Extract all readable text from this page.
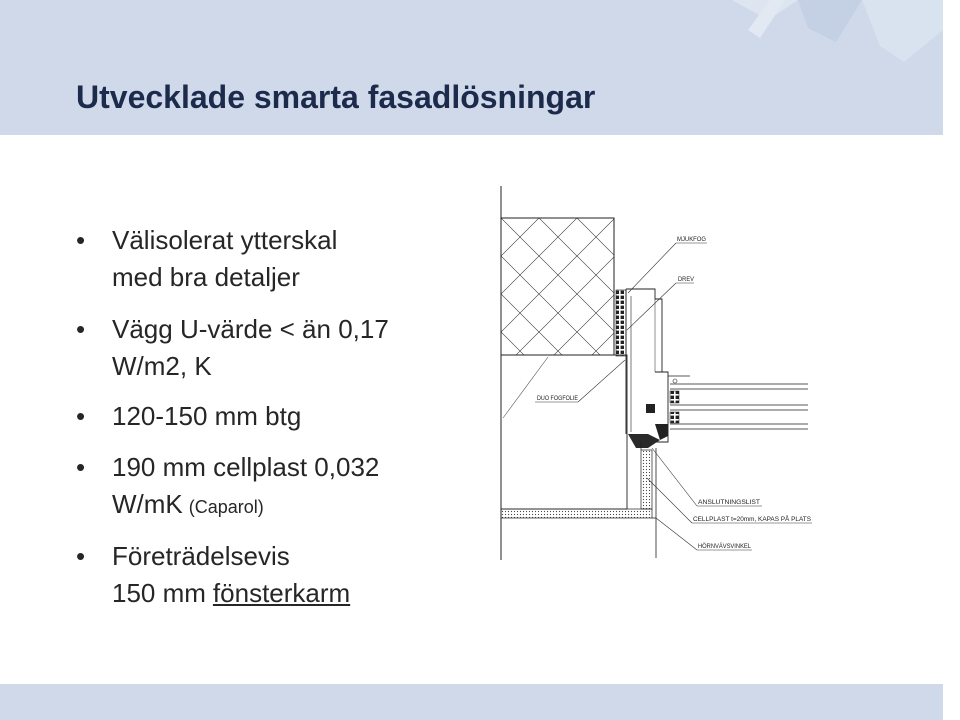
Utvecklade smarta fasadlösningar
• Välisolerat ytterskal
med bra detaljer
• Vägg U-värde < än 0,17
W/m2, K
• 120-150 mm btg
• 190 mm cellplast 0,032
W/mK (Caparol)
• Företrädelsevis
150 mm fönsterkarm
MJUKFOG
DREV
DUO FOGFOLIE
ANSLUTNINGSLIST
CELLPLAST t=20mm, KAPAS PÅ PLATS
HÖRNVÄVSVINKEL
